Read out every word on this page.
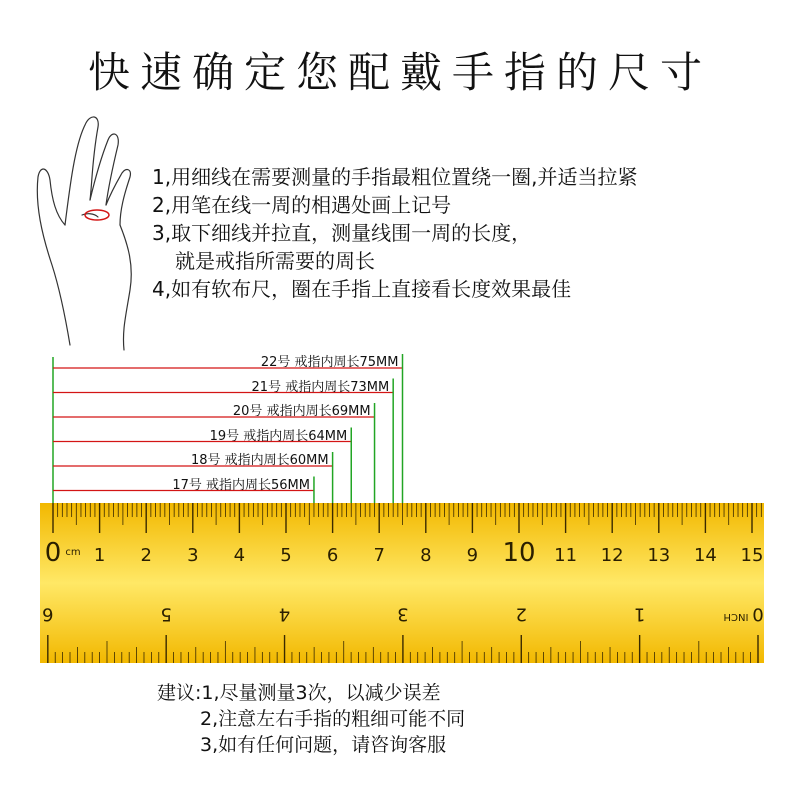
快速确定您配戴手指的尺寸
1,用细线在需要测量的手指最粗位置绕一圈,并适当拉紧
2,用笔在线一周的相遇处画上记号
3,取下细线并拉直，测量线围一周的长度，
就是戒指所需要的周长
4,如有软布尺，圈在手指上直接看长度效果最佳
22号 戒指内周长75MM
21号 戒指内周长73MM
20号 戒指内周长69MM
19号 戒指内周长64MM
18号 戒指内周长60MM
17号 戒指内周长56MM
0 1 2 3 4 5 6 7 8 9 10 11 12 13 14 15
cm
0
1
2
3
4
5
6	INCH
建议:1,尽量测量3次，以减少误差
2,注意左右手指的粗细可能不同
3,如有任何问题，请咨询客服
